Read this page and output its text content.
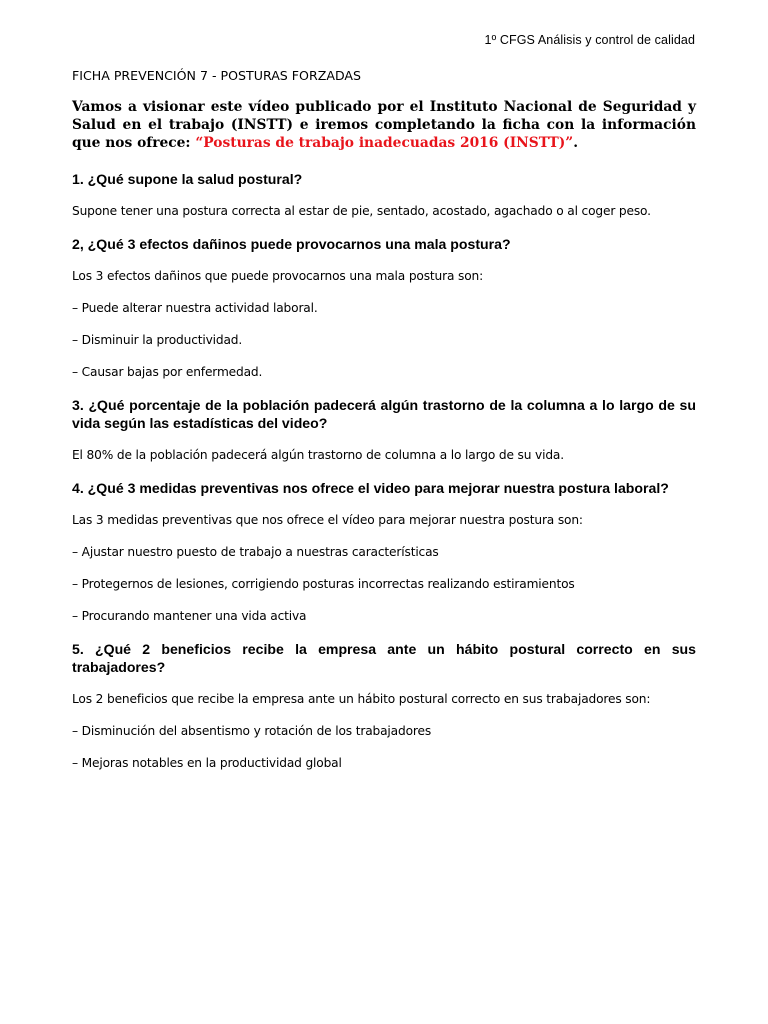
1º CFGS Análisis y control de calidad
FICHA PREVENCIÓN 7 - POSTURAS FORZADAS
Vamos a visionar este vídeo publicado por el Instituto Nacional de Seguridad y Salud en el trabajo (INSTT) e iremos completando la ficha con la información que nos ofrece: “Posturas de trabajo inadecuadas 2016 (INSTT)”.
1. ¿Qué supone la salud postural?
Supone tener una postura correcta al estar de pie, sentado, acostado, agachado o al coger peso.
2, ¿Qué 3 efectos dañinos puede provocarnos una mala postura?
Los 3 efectos dañinos que puede provocarnos una mala postura son:
– Puede alterar nuestra actividad laboral.
– Disminuir la productividad.
– Causar bajas por enfermedad.
3. ¿Qué porcentaje de la población padecerá algún trastorno de la columna a lo largo de su vida según las estadísticas del video?
El 80% de la población padecerá algún trastorno de columna a lo largo de su vida.
4. ¿Qué 3 medidas preventivas nos ofrece el video para mejorar nuestra postura laboral?
Las 3 medidas preventivas que nos ofrece el vídeo para mejorar nuestra postura son:
– Ajustar nuestro puesto de trabajo a nuestras características
– Protegernos de lesiones, corrigiendo posturas incorrectas realizando estiramientos
– Procurando mantener una vida activa
5. ¿Qué 2 beneficios recibe la empresa ante un hábito postural correcto en sus trabajadores?
Los 2 beneficios que recibe la empresa ante un hábito postural correcto en sus trabajadores son:
– Disminución del absentismo y rotación de los trabajadores
– Mejoras notables en la productividad global
